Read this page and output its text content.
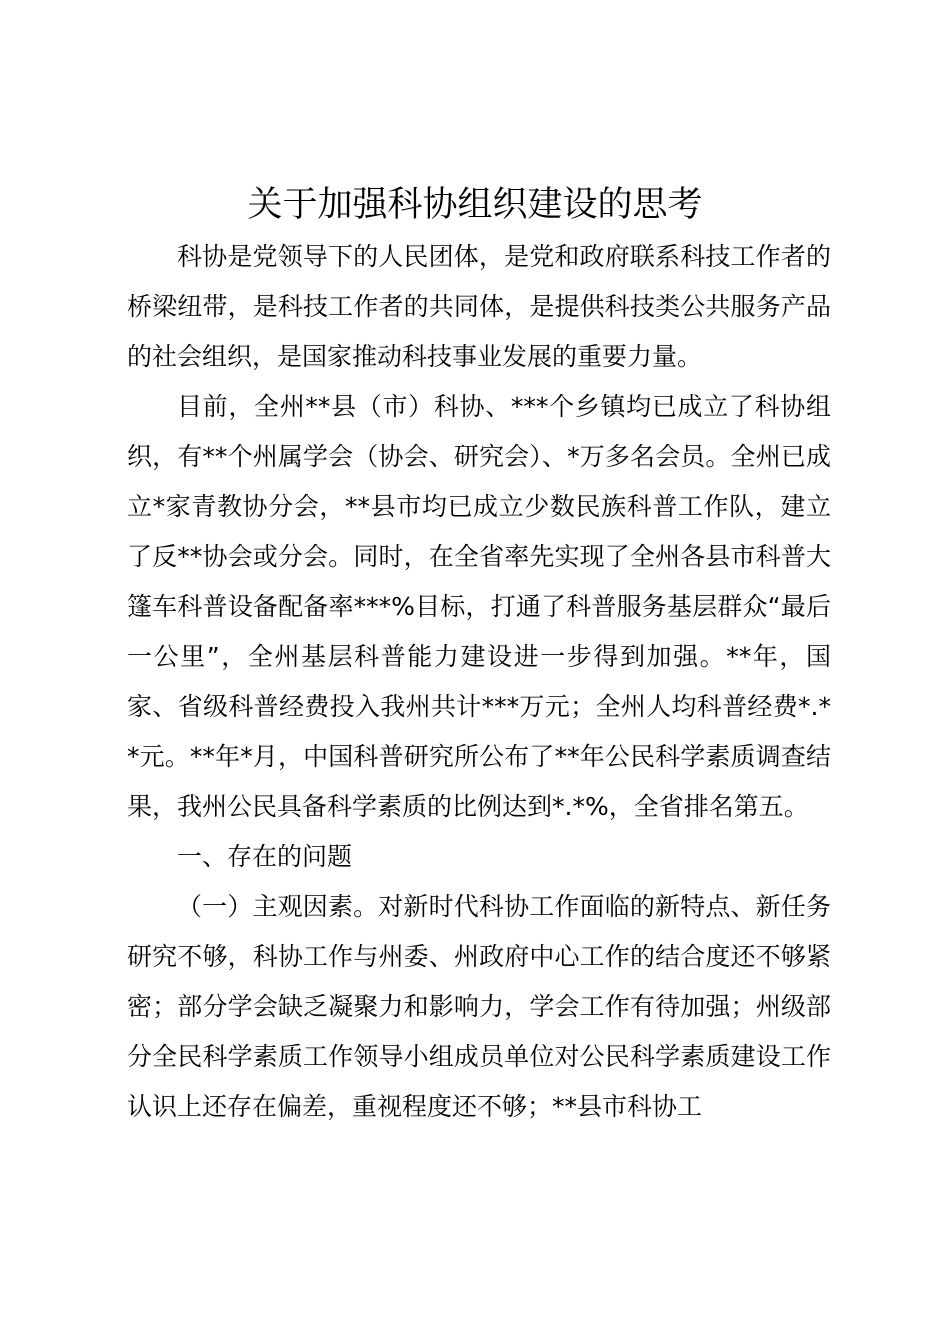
关于加强科协组织建设的思考

科协是党领导下的人民团体，是党和政府联系科技工作者的桥梁纽带，是科技工作者的共同体，是提供科技类公共服务产品的社会组织，是国家推动科技事业发展的重要力量。

目前，全州**县（市）科协、***个乡镇均已成立了科协组织，有**个州属学会（协会、研究会）、*万多名会员。全州已成立*家青教协分会，**县市均已成立少数民族科普工作队，建立了反**协会或分会。同时，在全省率先实现了全州各县市科普大篷车科普设备配备率***%目标，打通了科普服务基层群众“最后一公里”，全州基层科普能力建设进一步得到加强。**年，国家、省级科普经费投入我州共计***万元；全州人均科普经费*.**元。**年*月，中国科普研究所公布了**年公民科学素质调查结果，我州公民具备科学素质的比例达到*.*%，全省排名第五。

一、存在的问题

（一）主观因素。对新时代科协工作面临的新特点、新任务研究不够，科协工作与州委、州政府中心工作的结合度还不够紧密；部分学会缺乏凝聚力和影响力，学会工作有待加强；州级部分全民科学素质工作领导小组成员单位对公民科学素质建设工作认识上还存在偏差，重视程度还不够；**县市科协工
